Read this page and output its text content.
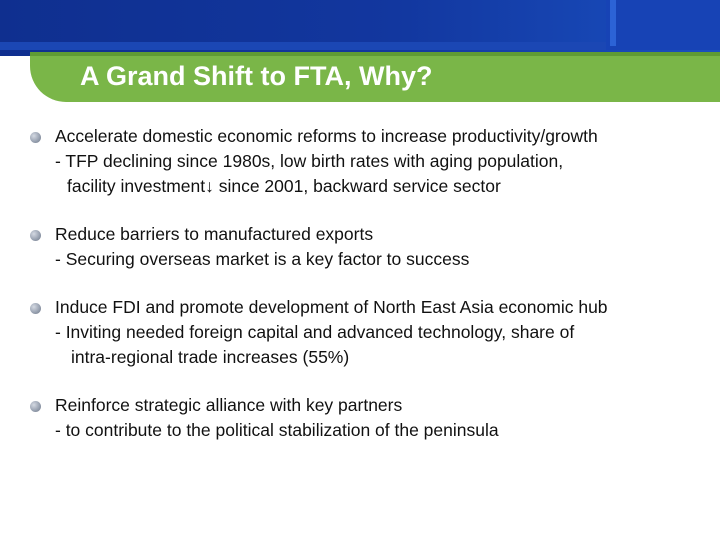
A Grand Shift to FTA, Why?
Accelerate domestic economic reforms to increase productivity/growth
- TFP declining since 1980s, low birth rates with aging population,
facility investment↓ since 2001, backward service sector
Reduce barriers to manufactured exports
- Securing overseas market is a key factor to success
Induce FDI and promote development of North East Asia economic hub
- Inviting needed foreign capital and advanced technology, share of
intra-regional trade increases (55%)
Reinforce strategic alliance with key partners
- to contribute to the political stabilization of the peninsula
